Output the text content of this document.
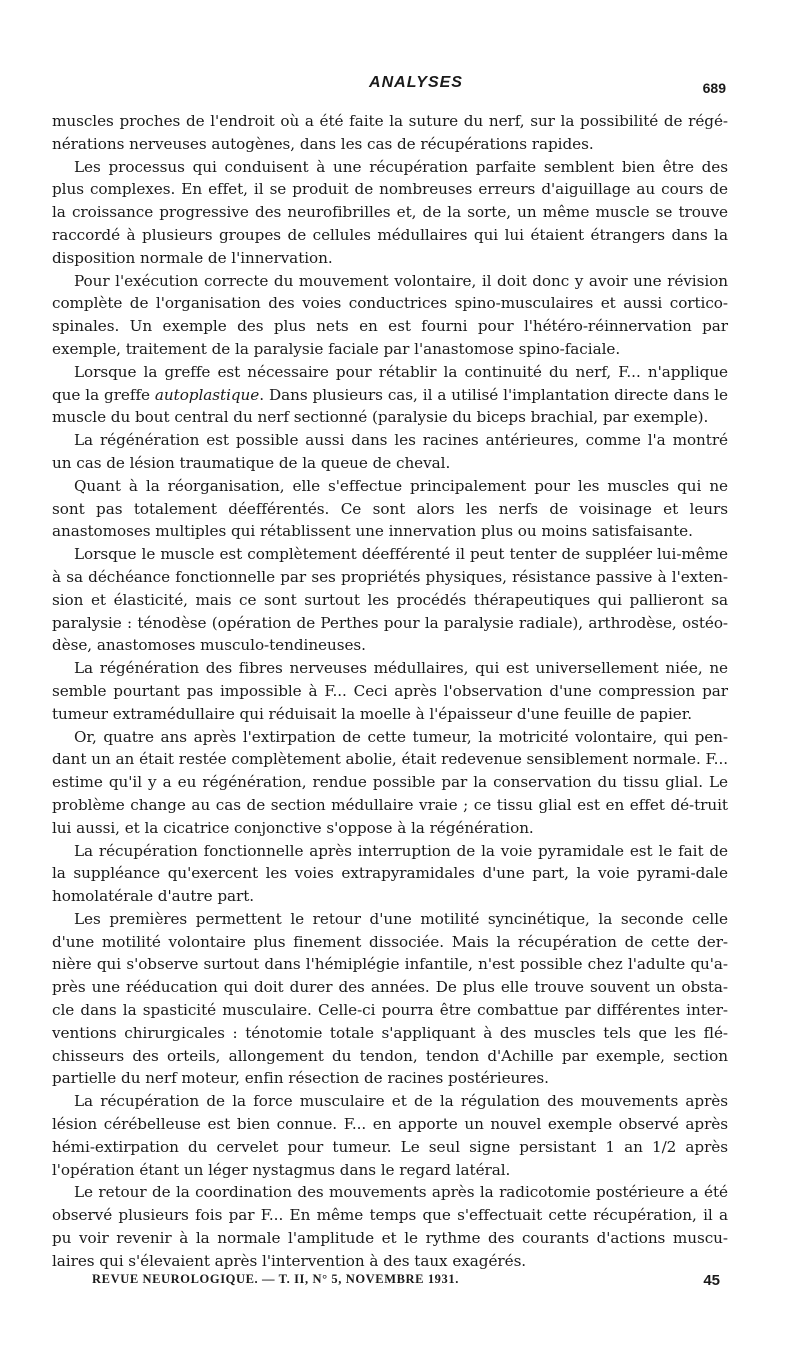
ANALYSES	689

muscles proches de l'endroit où a été faite la suture du nerf, sur la possibilité de régé-nérations nerveuses autogènes, dans les cas de récupérations rapides.

Les processus qui conduisent à une récupération parfaite semblent bien être des plus complexes. En effet, il se produit de nombreuses erreurs d'aiguillage au cours de la croissance progressive des neurofibrilles et, de la sorte, un même muscle se trouve raccordé à plusieurs groupes de cellules médullaires qui lui étaient étrangers dans la disposition normale de l'innervation.

Pour l'exécution correcte du mouvement volontaire, il doit donc y avoir une révision complète de l'organisation des voies conductrices spino-musculaires et aussi cortico-spinales. Un exemple des plus nets en est fourni pour l'hétéro-réinnervation par exemple, traitement de la paralysie faciale par l'anastomose spino-faciale.

Lorsque la greffe est nécessaire pour rétablir la continuité du nerf, F... n'applique que la greffe autoplastique. Dans plusieurs cas, il a utilisé l'implantation directe dans le muscle du bout central du nerf sectionné (paralysie du biceps brachial, par exemple).

La régénération est possible aussi dans les racines antérieures, comme l'a montré un cas de lésion traumatique de la queue de cheval.

Quant à la réorganisation, elle s'effectue principalement pour les muscles qui ne sont pas totalement déefférentés. Ce sont alors les nerfs de voisinage et leurs anastomoses multiples qui rétablissent une innervation plus ou moins satisfaisante.

Lorsque le muscle est complètement déefférenté il peut tenter de suppléer lui-même à sa déchéance fonctionnelle par ses propriétés physiques, résistance passive à l'exten-sion et élasticité, mais ce sont surtout les procédés thérapeutiques qui pallieront sa paralysie : ténodèse (opération de Perthes pour la paralysie radiale), arthrodèse, ostéo-dèse, anastomoses musculo-tendineuses.

La régénération des fibres nerveuses médullaires, qui est universellement niée, ne semble pourtant pas impossible à F... Ceci après l'observation d'une compression par tumeur extramédullaire qui réduisait la moelle à l'épaisseur d'une feuille de papier.

Or, quatre ans après l'extirpation de cette tumeur, la motricité volontaire, qui pen-dant un an était restée complètement abolie, était redevenue sensiblement normale. F... estime qu'il y a eu régénération, rendue possible par la conservation du tissu glial. Le problème change au cas de section médullaire vraie ; ce tissu glial est en effet dé-truit lui aussi, et la cicatrice conjonctive s'oppose à la régénération.

La récupération fonctionnelle après interruption de la voie pyramidale est le fait de la suppléance qu'exercent les voies extrapyramidales d'une part, la voie pyrami-dale homolatérale d'autre part.

Les premières permettent le retour d'une motilité syncinétique, la seconde celle d'une motilité volontaire plus finement dissociée. Mais la récupération de cette der-nière qui s'observe surtout dans l'hémiplégie infantile, n'est possible chez l'adulte qu'a-près une rééducation qui doit durer des années. De plus elle trouve souvent un obsta-cle dans la spasticité musculaire. Celle-ci pourra être combattue par différentes inter-ventions chirurgicales : ténotomie totale s'appliquant à des muscles tels que les flé-chisseurs des orteils, allongement du tendon, tendon d'Achille par exemple, section partielle du nerf moteur, enfin résection de racines postérieures.

La récupération de la force musculaire et de la régulation des mouvements après lésion cérébelleuse est bien connue. F... en apporte un nouvel exemple observé après hémi-extirpation du cervelet pour tumeur. Le seul signe persistant 1 an 1/2 après l'opération étant un léger nystagmus dans le regard latéral.

Le retour de la coordination des mouvements après la radicotomie postérieure a été observé plusieurs fois par F... En même temps que s'effectuait cette récupération, il a pu voir revenir à la normale l'amplitude et le rythme des courants d'actions muscu-laires qui s'élevaient après l'intervention à des taux exagérés.

REVUE NEUROLOGIQUE. — T. II, N° 5, NOVEMBRE 1931.	45
